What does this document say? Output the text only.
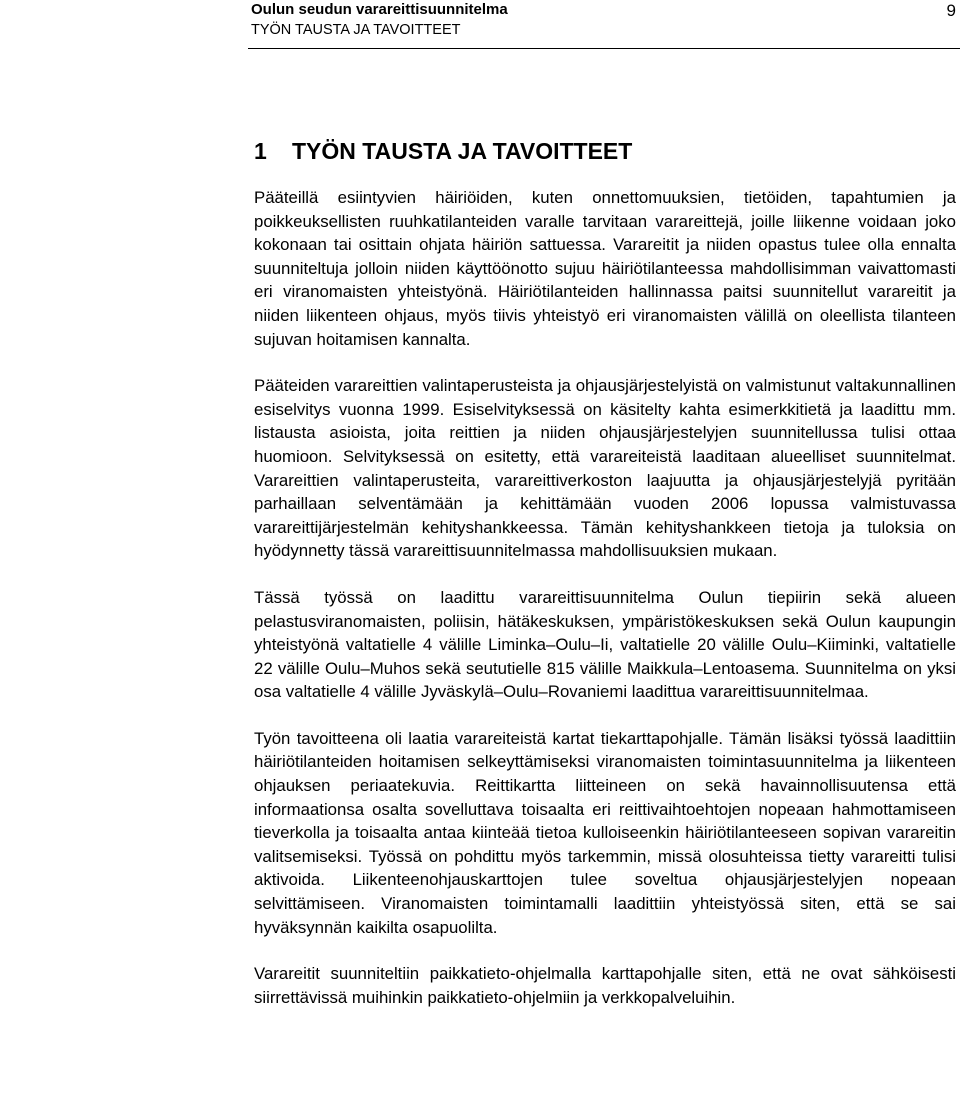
Oulun seudun varareittisuunnitelma
TYÖN TAUSTA JA TAVOITTEET
9
1	TYÖN TAUSTA JA TAVOITTEET

Pääteillä esiintyvien häiriöiden, kuten onnettomuuksien, tietöiden, tapahtumien ja poikkeuksellisten ruuhkatilanteiden varalle tarvitaan varareittejä, joille liikenne voidaan joko kokonaan tai osittain ohjata häiriön sattuessa. Varareitit ja niiden opastus tulee olla ennalta suunniteltuja jolloin niiden käyttöönotto sujuu häiriötilanteessa mahdollisimman vaivattomasti eri viranomaisten yhteistyönä. Häiriötilanteiden hallinnassa paitsi suunnitellut varareitit ja niiden liikenteen ohjaus, myös tiivis yhteistyö eri viranomaisten välillä on oleellista tilanteen sujuvan hoitamisen kannalta.

Pääteiden varareittien valintaperusteista ja ohjausjärjestelyistä on valmistunut valtakunnallinen esiselvitys vuonna 1999. Esiselvityksessä on käsitelty kahta esimerkkitietä ja laadittu mm. listausta asioista, joita reittien ja niiden ohjausjärjestelyjen suunnitellussa tulisi ottaa huomioon. Selvityksessä on esitetty, että varareiteistä laaditaan alueelliset suunnitelmat. Varareittien valintaperusteita, varareittiverkoston laajuutta ja ohjausjärjestelyjä pyritään parhaillaan selventämään ja kehittämään vuoden 2006 lopussa valmistuvassa varareittijärjestelmän kehityshankkeessa. Tämän kehityshankkeen tietoja ja tuloksia on hyödynnetty tässä varareittisuunnitelmassa mahdollisuuksien mukaan.

Tässä työssä on laadittu varareittisuunnitelma Oulun tiepiirin sekä alueen pelastusviranomaisten, poliisin, hätäkeskuksen, ympäristökeskuksen sekä Oulun kaupungin yhteistyönä valtatielle 4 välille Liminka–Oulu–Ii, valtatielle 20 välille Oulu–Kiiminki, valtatielle 22 välille Oulu–Muhos sekä seututielle 815 välille Maikkula–Lentoasema. Suunnitelma on yksi osa valtatielle 4 välille Jyväskylä–Oulu–Rovaniemi laadittua varareittisuunnitelmaa.

Työn tavoitteena oli laatia varareiteistä kartat tiekarttapohjalle. Tämän lisäksi työssä laadittiin häiriötilanteiden hoitamisen selkeyttämiseksi viranomaisten toimintasuunnitelma ja liikenteen ohjauksen periaatekuvia. Reittikartta liitteineen on sekä havainnollisuutensa että informaationsa osalta sovelluttava toisaalta eri reittivaihtoehtojen nopeaan hahmottamiseen tieverkolla ja toisaalta antaa kiinteää tietoa kulloiseenkin häiriötilanteeseen sopivan varareitin valitsemiseksi. Työssä on pohdittu myös tarkemmin, missä olosuhteissa tietty varareitti tulisi aktivoida. Liikenteenohjauskarttojen tulee soveltua ohjausjärjestelyjen nopeaan selvittämiseen. Viranomaisten toimintamalli laadittiin yhteistyössä siten, että se sai hyväksynnän kaikilta osapuolilta.

Varareitit suunniteltiin paikkatieto-ohjelmalla karttapohjalle siten, että ne ovat sähköisesti siirrettävissä muihinkin paikkatieto-ohjelmiin ja verkkopalveluihin.
